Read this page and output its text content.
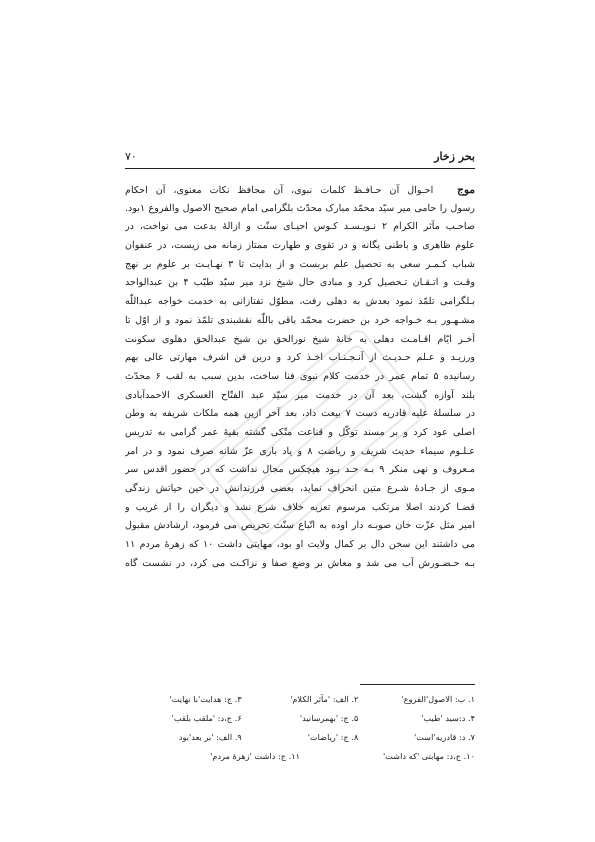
بحر زخار
۷۰
موج   احـوال آن حـافـظ کلمات نبوی، آن محافظ نکات معنوی، آن احکام
رسول را حامی میر سیّد محمّد مبارک محدّث بلگرامی امام صحیح الاصول والفروع ۱بود.
صاحـب مآثر الکرام ۲ نـویـسـد کـوس احیـای سنّت و ازالۀ بدعت می نواخت، در
علوم ظاهری و باطنی یگانه و در تقوی و طهارت ممتاز زمانه می زیست، در عنفوان
شباب کـمـر سعی به تحصیل علم بربست و از بدایت تا ۳ نهـایـت بر علوم بر نهج
وقـت و اتـقـان تـحصیل کرد و مبادی حال شیخ نزد میر سیّد طیّب ۴ بن عبدالواحد
بـلگرامی تلمّذ نمود بعدش به دهلی رفت، مطوّل تفتازانی به خدمت خواجه عبداللّٰه
مشـهـور بـه خـواجه خرد بن حضرت محمّد باقی باللّٰه نقشبندی تلمّذ نمود و از اوّل تا
آخـر ایّام اقـامـت دهلی به خانۀ شیخ نورالحق بن شیخ عبدالحق دهلوی سکونت
ورزیـد و عـلم حـدیـث از آنـجـنـاب اخـذ کرد و درین فن اشرف مهارتی عالی بهم
رسانیده ۵ تمام عمر در خدمت کلام نبوی فنا ساخت، بدین سبب به لقب ۶ محدّث
بلند آوازه گشت، بعد آن در خدمت میر سیّد عبد الفتّاح العسکری الاحمدآبادی
در سلسلۀ علیه قادریه دست ۷ بیعت داد، بعد آخر ازین همه ملکات شریفه به وطن
اصلی عود کرد و بر مسند توکّل و قناعت متّکی گشته بقیۀ عمر گرامی به تدریس
عـلـوم سیماء حدیث شریف و ریاضت ۸ و یاد باری عزّ شانه صرف نمود و در امر
مـعروف و نهی منکر ۹ بـه حـد بـود هیچکس مجال نداشت که در حضور اقدس سر
مـوی از جـادۀ شـرع متین انحراف نماید، بعضی فرزندانش در حین حیاتش زندگی
قضـا کردند اصلا مرتکب مرسوم تعزیه خلاف شرع نشد و دیگران را از غریب و
امیر مثل عزّت خان صوبـه دار اوده به اتّباع سنّت تحریص می فرمود، ارشادش مقبول
می داشتند این سخن دال بر کمال ولایت او بود، مهابتی داشت ۱۰ که زهرۀ مردم ۱۱
بـه حـضـورش آب می شد و معاش بر وضع صفا و نزاکـت می کرد، در نشست گاه
۱. ب: الاصول'الفروع'
۲. الف: 'مآثر الکلام'
۳. ج: هدایت'با نهایت'
۴. د:سید 'طیب'
۵. ج: 'بهمرسانید'
۶. ج،د: 'ملقب بلقب'
۷. د: قادریه'است'
۸. ج: 'ریاضات'
۹. الف: 'بر بعد'بود
۱۰. ج،د: مهابتی 'که داشت'
۱۱. ج: داشت 'زهرۀ مردم'
